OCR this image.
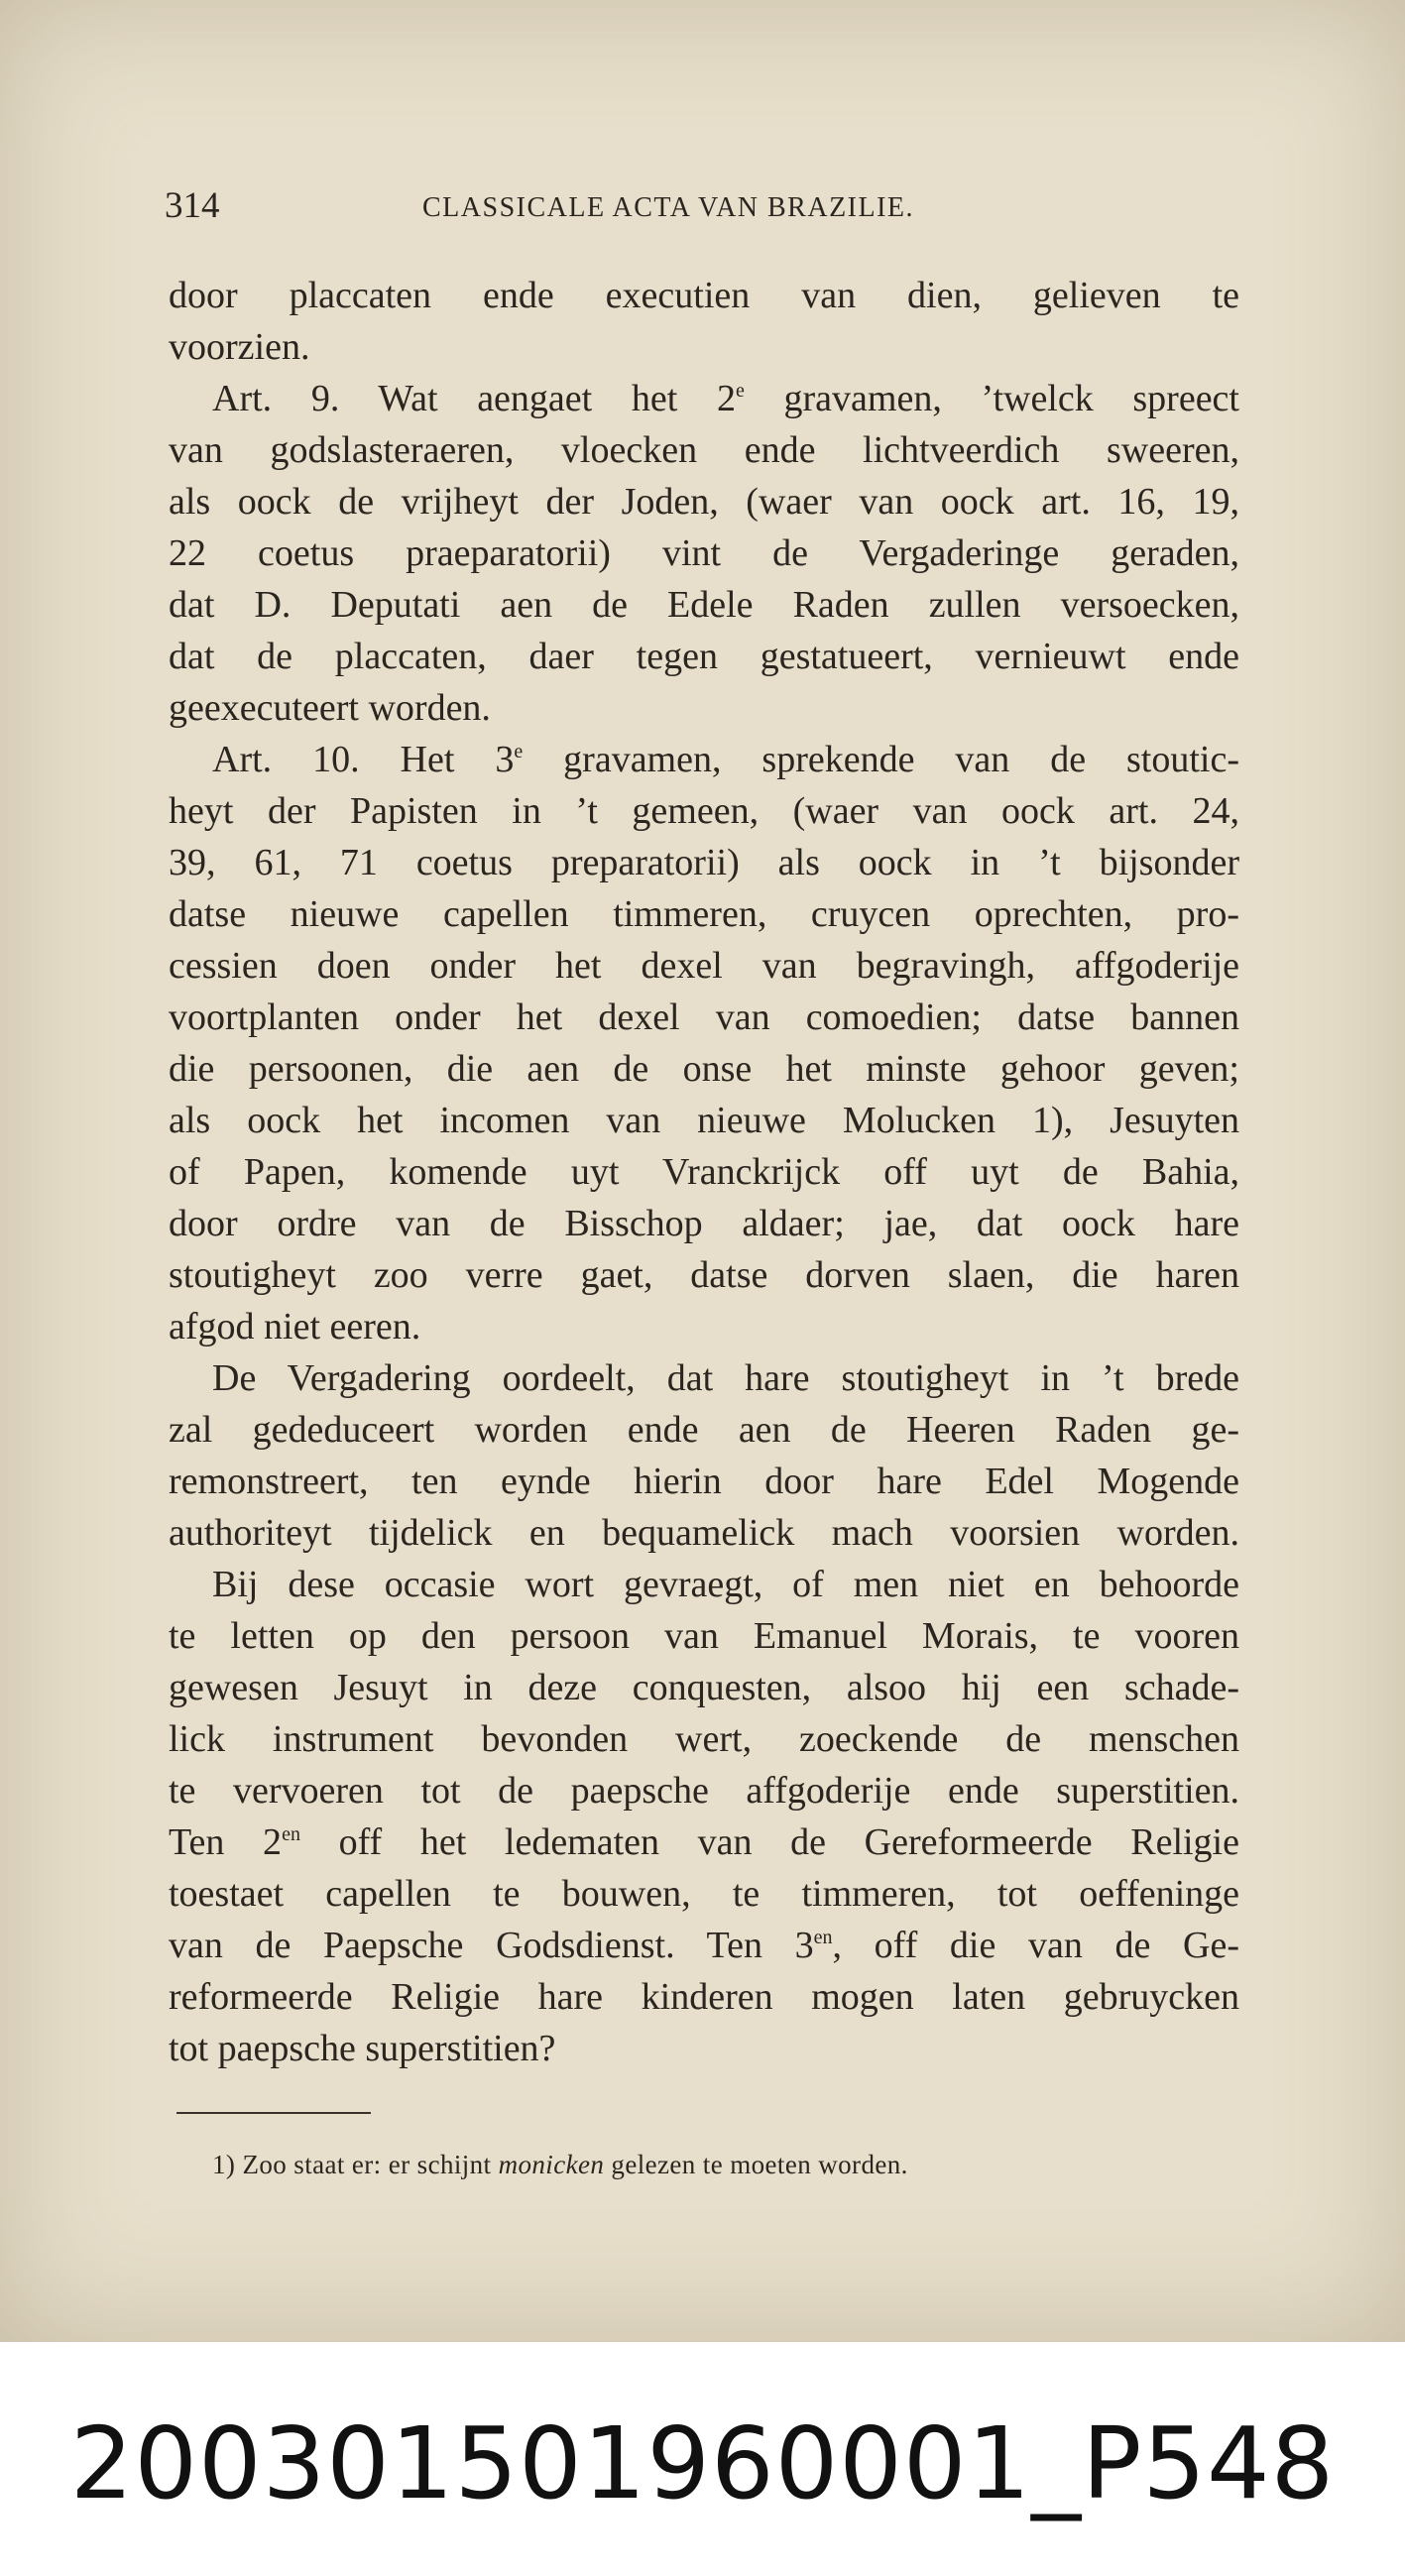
314	CLASSICALE ACTA VAN BRAZILIE.
door placcaten ende executien van dien, gelieven te
voorzien.
Art. 9. Wat aengaet het 2e gravamen, ’twelck spreect
van godslasteraeren, vloecken ende lichtveerdich sweeren,
als oock de vrijheyt der Joden, (waer van oock art. 16, 19,
22 coetus praeparatorii) vint de Vergaderinge geraden,
dat D. Deputati aen de Edele Raden zullen versoecken,
dat de placcaten, daer tegen gestatueert, vernieuwt ende
geexecuteert worden.
Art. 10. Het 3e gravamen, sprekende van de stoutic-
heyt der Papisten in ’t gemeen, (waer van oock art. 24,
39, 61, 71 coetus preparatorii) als oock in ’t bijsonder
datse nieuwe capellen timmeren, cruycen oprechten, pro-
cessien doen onder het dexel van begravingh, affgoderije
voortplanten onder het dexel van comoedien; datse bannen
die persoonen, die aen de onse het minste gehoor geven;
als oock het incomen van nieuwe Molucken 1), Jesuyten
of Papen, komende uyt Vranckrijck off uyt de Bahia,
door ordre van de Bisschop aldaer; jae, dat oock hare
stoutigheyt zoo verre gaet, datse dorven slaen, die haren
afgod niet eeren.
De Vergadering oordeelt, dat hare stoutigheyt in ’t brede
zal gededuceert worden ende aen de Heeren Raden ge-
remonstreert, ten eynde hierin door hare Edel Mogende
authoriteyt tijdelick en bequamelick mach voorsien worden.
Bij dese occasie wort gevraegt, of men niet en behoorde
te letten op den persoon van Emanuel Morais, te vooren
gewesen Jesuyt in deze conquesten, alsoo hij een schade-
lick instrument bevonden wert, zoeckende de menschen
te vervoeren tot de paepsche affgoderije ende superstitien.
Ten $2^{en}$ off het ledematen van de Gereformeerde Religie
toestaet capellen te bouwen, te timmeren, tot oeffeninge
van de Paepsche Godsdienst. Ten $3^{en}$, off die van de Ge-
reformeerde Religie hare kinderen mogen laten gebruycken
tot paepsche superstitien?
1) Zoo staat er: er schijnt monicken gelezen te moeten worden.
20030150196000​1_P548
